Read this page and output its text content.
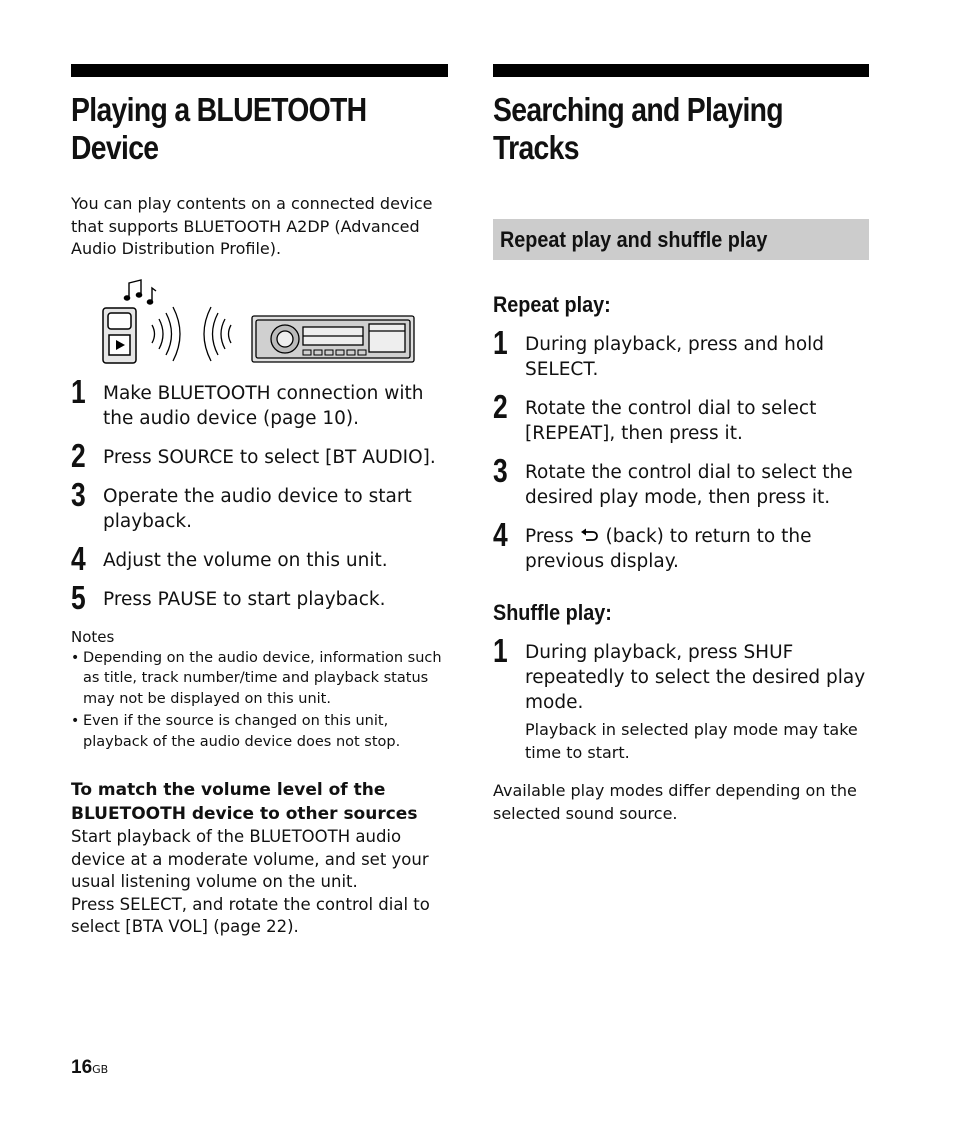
Playing a BLUETOOTH
Device
You can play contents on a connected device that supports BLUETOOTH A2DP (Advanced Audio Distribution Profile).
1 Make BLUETOOTH connection with the audio device (page 10).
2 Press SOURCE to select [BT AUDIO].
3 Operate the audio device to start playback.
4 Adjust the volume on this unit.
5 Press PAUSE to start playback.
Notes
• Depending on the audio device, information such as title, track number/time and playback status may not be displayed on this unit.
• Even if the source is changed on this unit, playback of the audio device does not stop.
To match the volume level of the BLUETOOTH device to other sources
Start playback of the BLUETOOTH audio device at a moderate volume, and set your usual listening volume on the unit.
Press SELECT, and rotate the control dial to select [BTA VOL] (page 22).
Searching and Playing
Tracks
Repeat play and shuffle play
Repeat play:
1 During playback, press and hold SELECT.
2 Rotate the control dial to select [REPEAT], then press it.
3 Rotate the control dial to select the desired play mode, then press it.
4 Press (back) to return to the previous display.
Shuffle play:
1 During playback, press SHUF repeatedly to select the desired play mode.
Playback in selected play mode may take time to start.
Available play modes differ depending on the selected sound source.
16GB
